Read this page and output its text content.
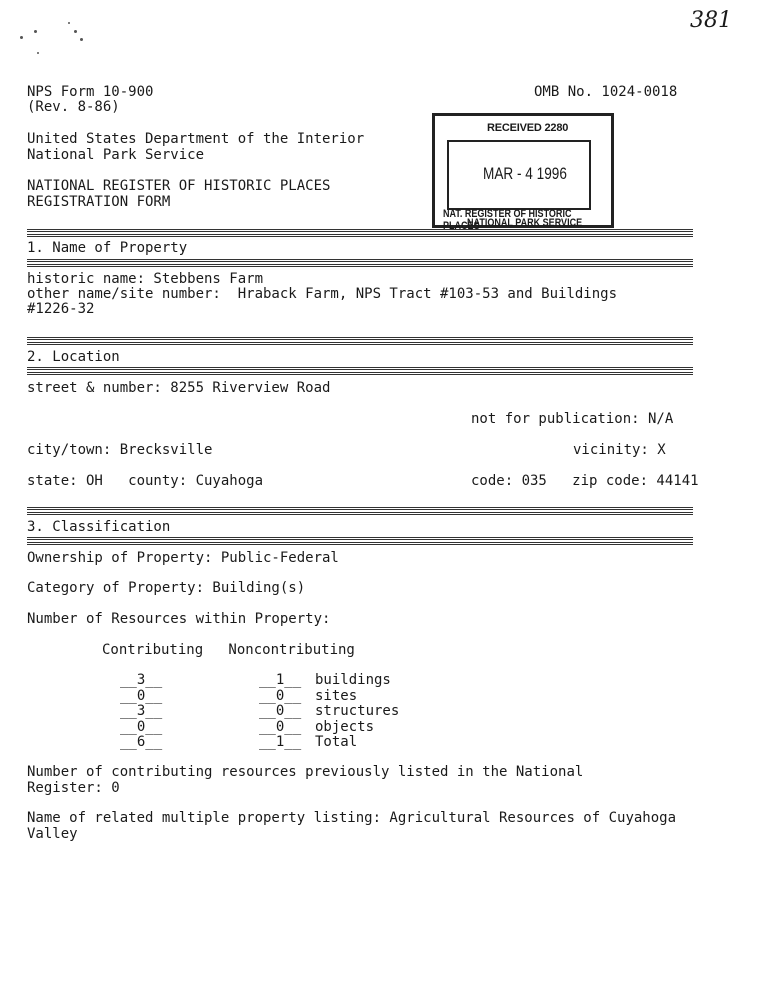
381
NPS Form 10-900
(Rev. 8-86)
OMB No. 1024-0018
United States Department of the Interior
National Park Service
NATIONAL REGISTER OF HISTORIC PLACES
REGISTRATION FORM
RECEIVED 2280
MAR - 4 1996
NAT. REGISTER OF HISTORIC PLACES
NATIONAL PARK SERVICE
1. Name of Property
historic name: Stebbens Farm
other name/site number:  Hraback Farm, NPS Tract #103-53 and Buildings
#1226-32
2. Location
street & number: 8255 Riverview Road
not for publication: N/A
city/town: Brecksville	vicinity: X
state: OH   county: Cuyahoga	code: 035   zip code: 44141
3. Classification
Ownership of Property: Public-Federal
Category of Property: Building(s)
Number of Resources within Property:
Contributing   Noncontributing
__3__	__1__ buildings
__0__	__0__ sites
__3__	__0__ structures
__0__	__0__ objects
__6__	__1__ Total
Number of contributing resources previously listed in the National
Register: 0
Name of related multiple property listing: Agricultural Resources of Cuyahoga
Valley
